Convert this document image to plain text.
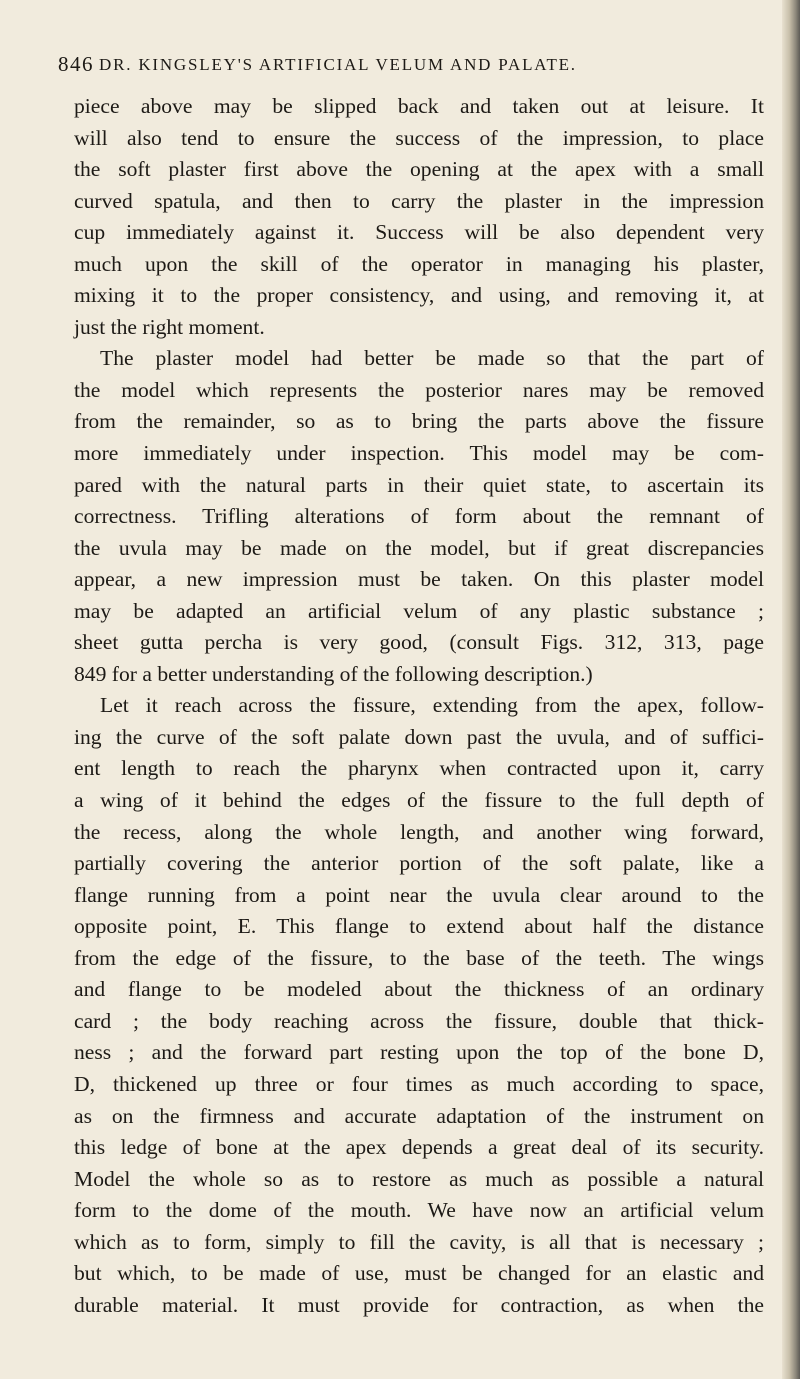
846 DR. KINGSLEY'S ARTIFICIAL VELUM AND PALATE.
piece above may be slipped back and taken out at leisure. It
will also tend to ensure the success of the impression, to place
the soft plaster first above the opening at the apex with a small
curved spatula, and then to carry the plaster in the impression
cup immediately against it. Success will be also dependent very
much upon the skill of the operator in managing his plaster,
mixing it to the proper consistency, and using, and removing it, at
just the right moment.
The plaster model had better be made so that the part of
the model which represents the posterior nares may be removed
from the remainder, so as to bring the parts above the fissure
more immediately under inspection. This model may be com-
pared with the natural parts in their quiet state, to ascertain its
correctness. Trifling alterations of form about the remnant of
the uvula may be made on the model, but if great discrepancies
appear, a new impression must be taken. On this plaster model
may be adapted an artificial velum of any plastic substance ;
sheet gutta percha is very good, (consult Figs. 312, 313, page
849 for a better understanding of the following description.)
Let it reach across the fissure, extending from the apex, follow-
ing the curve of the soft palate down past the uvula, and of suffici-
ent length to reach the pharynx when contracted upon it, carry
a wing of it behind the edges of the fissure to the full depth of
the recess, along the whole length, and another wing forward,
partially covering the anterior portion of the soft palate, like a
flange running from a point near the uvula clear around to the
opposite point, E. This flange to extend about half the distance
from the edge of the fissure, to the base of the teeth. The wings
and flange to be modeled about the thickness of an ordinary
card ; the body reaching across the fissure, double that thick-
ness ; and the forward part resting upon the top of the bone D,
D, thickened up three or four times as much according to space,
as on the firmness and accurate adaptation of the instrument on
this ledge of bone at the apex depends a great deal of its security.
Model the whole so as to restore as much as possible a natural
form to the dome of the mouth. We have now an artificial velum
which as to form, simply to fill the cavity, is all that is necessary ;
but which, to be made of use, must be changed for an elastic and
durable material. It must provide for contraction, as when the
